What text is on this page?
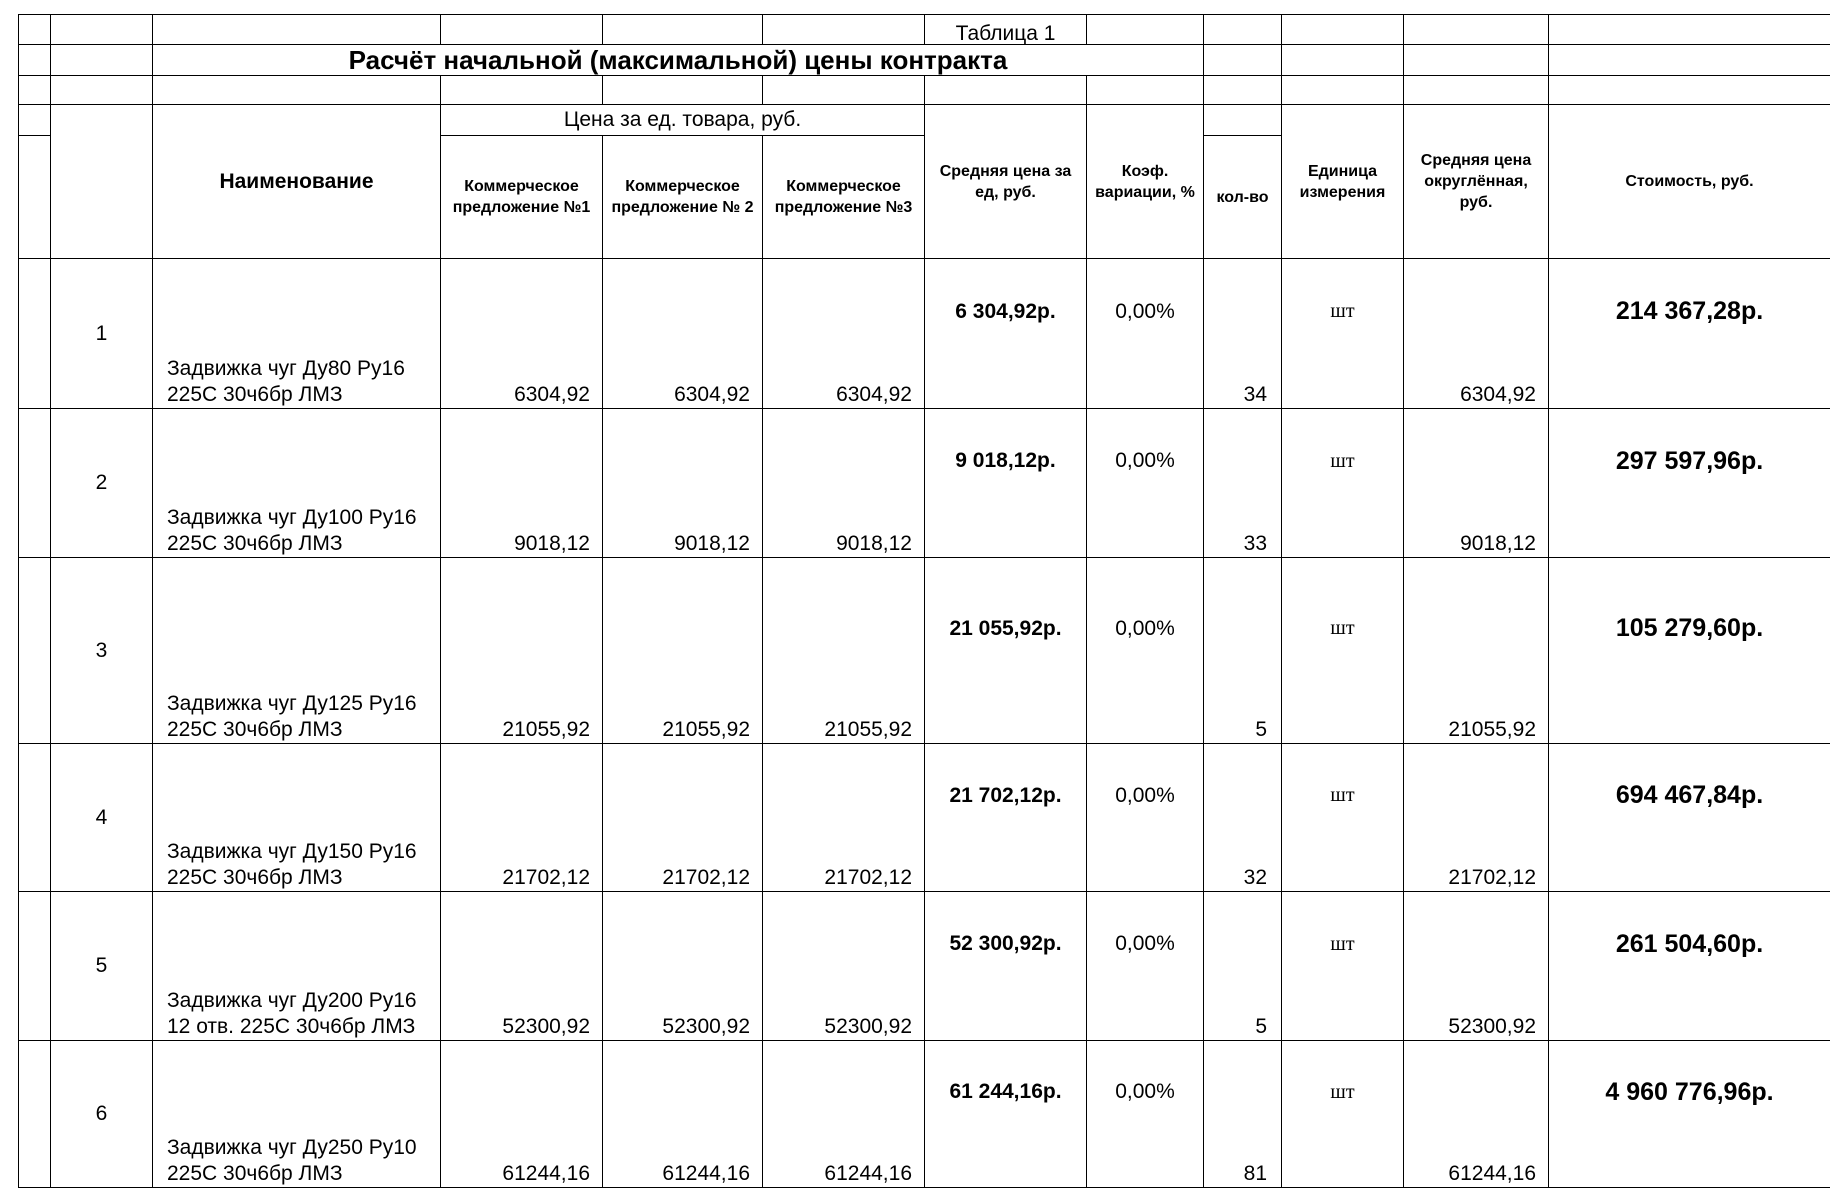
						Таблица 1					
		Расчёт начальной (максимальной) цены контракта									

		Наименование	Цена за ед. товара, руб.			Средняя цена за ед, руб.	Коэф. вариации, %		Единица измерения	Средняя цена округлённая, руб.	Стоимость, руб.
			Коммерческое предложение №1	Коммерческое предложение № 2	Коммерческое предложение №3			кол-во			
	1	Задвижка чуг Ду80 Ру16 225С 30ч6бр ЛМЗ	6304,92	6304,92	6304,92	6 304,92р.	0,00%	34	шт	6304,92	214 367,28р.
	2	Задвижка чуг Ду100 Ру16 225С 30ч6бр ЛМЗ	9018,12	9018,12	9018,12	9 018,12р.	0,00%	33	шт	9018,12	297 597,96р.
	3	Задвижка чуг Ду125 Ру16 225С 30ч6бр ЛМЗ	21055,92	21055,92	21055,92	21 055,92р.	0,00%	5	шт	21055,92	105 279,60р.
	4	Задвижка чуг Ду150 Ру16 225С 30ч6бр ЛМЗ	21702,12	21702,12	21702,12	21 702,12р.	0,00%	32	шт	21702,12	694 467,84р.
	5	Задвижка чуг Ду200 Ру16 12 отв. 225С 30ч6бр ЛМЗ	52300,92	52300,92	52300,92	52 300,92р.	0,00%	5	шт	52300,92	261 504,60р.
	6	Задвижка чуг Ду250 Ру10 225С 30ч6бр ЛМЗ	61244,16	61244,16	61244,16	61 244,16р.	0,00%	81	шт	61244,16	4 960 776,96р.
